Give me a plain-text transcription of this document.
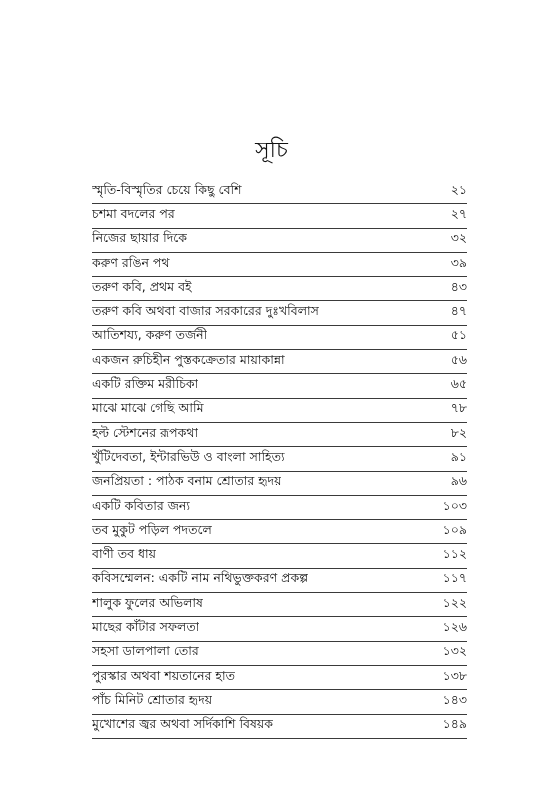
সূচি
স্মৃতি-বিস্মৃতির চেয়ে কিছু বেশি	২১
চশমা বদলের পর	২৭
নিজের ছায়ার দিকে	৩২
করুণ রঙিন পথ	৩৯
তরুণ কবি, প্রথম বই	৪৩
তরুণ কবি অথবা বাজার সরকারের দুঃখবিলাস	৪৭
আতিশয্য, করুণ তর্জনী	৫১
একজন রুচিহীন পুস্তকক্রেতার মায়াকান্না	৫৬
একটি রক্তিম মরীচিকা	৬৫
মাঝে মাঝে গেছি আমি	৭৮
হল্ট স্টেশনের রূপকথা	৮২
খুঁটিদেবতা, ইন্টারভিউ ও বাংলা সাহিত্য	৯১
জনপ্রিয়তা : পাঠক বনাম শ্রোতার হৃদয়	৯৬
একটি কবিতার জন্য	১০৩
তব মুকুট পড়িল পদতলে	১০৯
বাণী তব ধায়	১১২
কবিসম্মেলন: একটি নাম নথিভুক্তকরণ প্রকল্প	১১৭
শালুক ফুলের অভিলাষ	১২২
মাছের কাঁটার সফলতা	১২৬
সহসা ডালপালা তোর	১৩২
পুরস্কার অথবা শয়তানের হাত	১৩৮
পাঁচ মিনিট শ্রোতার হৃদয়	১৪৩
মুখোশের জ্বর অথবা সর্দিকাশি বিষয়ক	১৪৯
